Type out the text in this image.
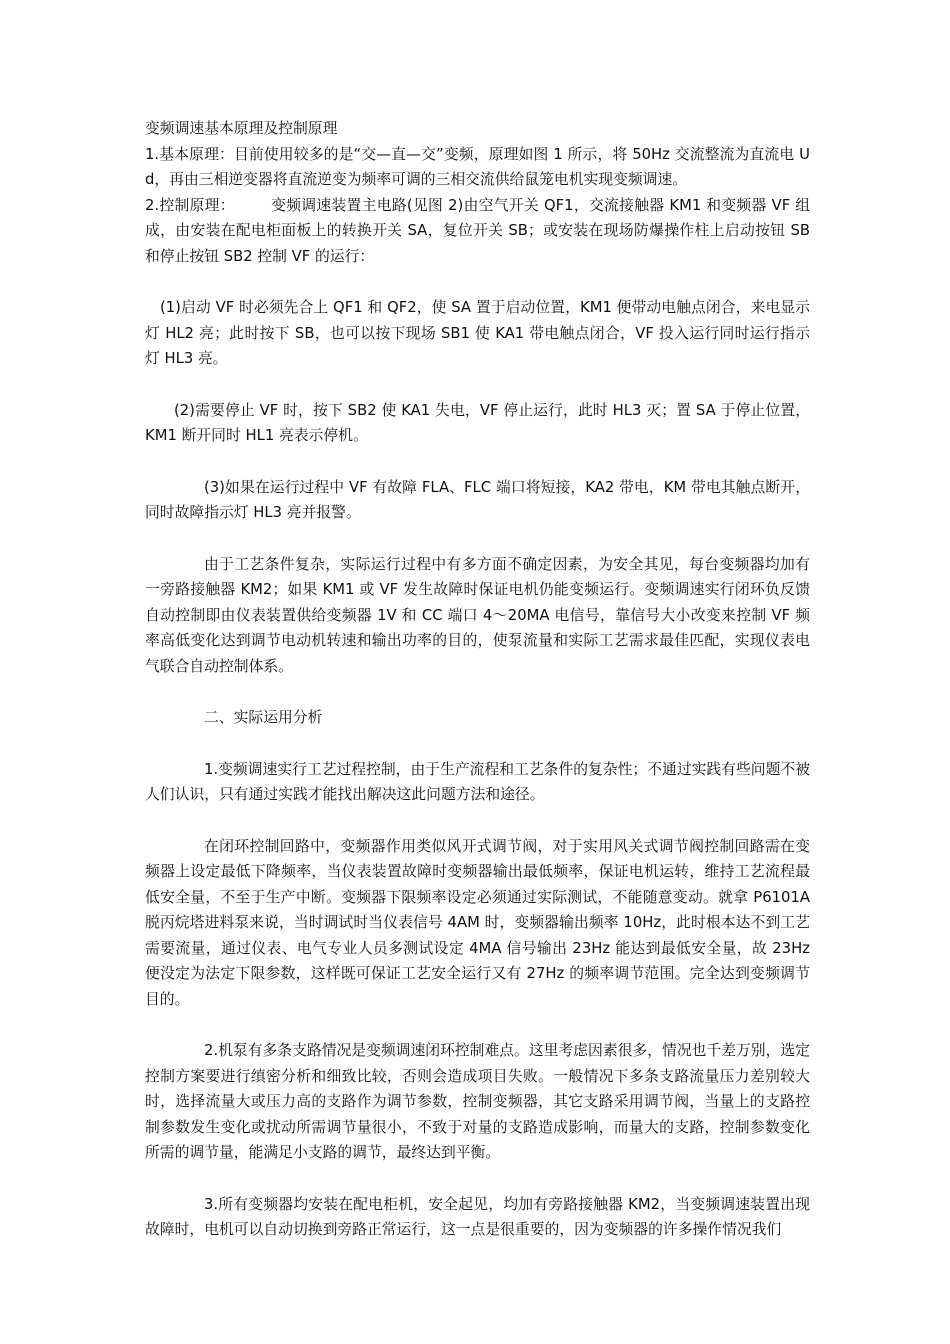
变频调速基本原理及控制原理

1.基本原理：目前使用较多的是“交—直—交”变频，原理如图 1 所示，将 50Hz 交流整流为直流电 Ud，再由三相逆变器将直流逆变为频率可调的三相交流供给鼠笼电机实现变频调速。

2.控制原理： 变频调速装置主电路(见图 2)由空气开关 QF1，交流接触器 KM1 和变频器 VF 组成，由安装在配电柜面板上的转换开关 SA，复位开关 SB；或安装在现场防爆操作柱上启动按钮 SB 和停止按钮 SB2 控制 VF 的运行：

(1)启动 VF 时必须先合上 QF1 和 QF2，使 SA 置于启动位置，KM1 便带动电触点闭合，来电显示灯 HL2 亮；此时按下 SB，也可以按下现场 SB1 使 KA1 带电触点闭合，VF 投入运行同时运行指示灯 HL3 亮。

(2)需要停止 VF 时，按下 SB2 使 KA1 失电，VF 停止运行，此时 HL3 灭；置 SA 于停止位置，KM1 断开同时 HL1 亮表示停机。

(3)如果在运行过程中 VF 有故障 FLA、FLC 端口将短接，KA2 带电，KM 带电其触点断开，同时故障指示灯 HL3 亮并报警。

由于工艺条件复杂，实际运行过程中有多方面不确定因素，为安全其见，每台变频器均加有一旁路接触器 KM2；如果 KM1 或 VF 发生故障时保证电机仍能变频运行。变频调速实行闭环负反馈自动控制即由仪表装置供给变频器 1V 和 CC 端口 4～20MA 电信号，靠信号大小改变来控制 VF 频率高低变化达到调节电动机转速和输出功率的目的，使泵流量和实际工艺需求最佳匹配，实现仪表电气联合自动控制体系。

二、实际运用分析

1.变频调速实行工艺过程控制，由于生产流程和工艺条件的复杂性；不通过实践有些问题不被人们认识，只有通过实践才能找出解决这此问题方法和途径。

在闭环控制回路中，变频器作用类似风开式调节阀，对于实用风关式调节阀控制回路需在变频器上设定最低下降频率，当仪表装置故障时变频器输出最低频率，保证电机运转，维持工艺流程最低安全量，不至于生产中断。变频器下限频率设定必须通过实际测试，不能随意变动。就拿 P6101A 脱丙烷塔进料泵来说，当时调试时当仪表信号 4AM 时，变频器输出频率 10Hz，此时根本达不到工艺需要流量，通过仪表、电气专业人员多测试设定 4MA 信号输出 23Hz 能达到最低安全量，故 23Hz 便没定为法定下限参数，这样既可保证工艺安全运行又有 27Hz 的频率调节范围。完全达到变频调节目的。

2.机泵有多条支路情况是变频调速闭环控制难点。这里考虑因素很多，情况也千差万别，选定控制方案要进行缜密分析和细致比较，否则会造成项目失败。一般情况下多条支路流量压力差别较大时，选择流量大或压力高的支路作为调节参数，控制变频器，其它支路采用调节阀，当量上的支路控制参数发生变化或扰动所需调节量很小，不致于对量的支路造成影响，而量大的支路，控制参数变化所需的调节量，能满足小支路的调节，最终达到平衡。

3.所有变频器均安装在配电柜机，安全起见，均加有旁路接触器 KM2，当变频调速装置出现故障时，电机可以自动切换到旁路正常运行，这一点是很重要的，因为变频器的许多操作情况我们
